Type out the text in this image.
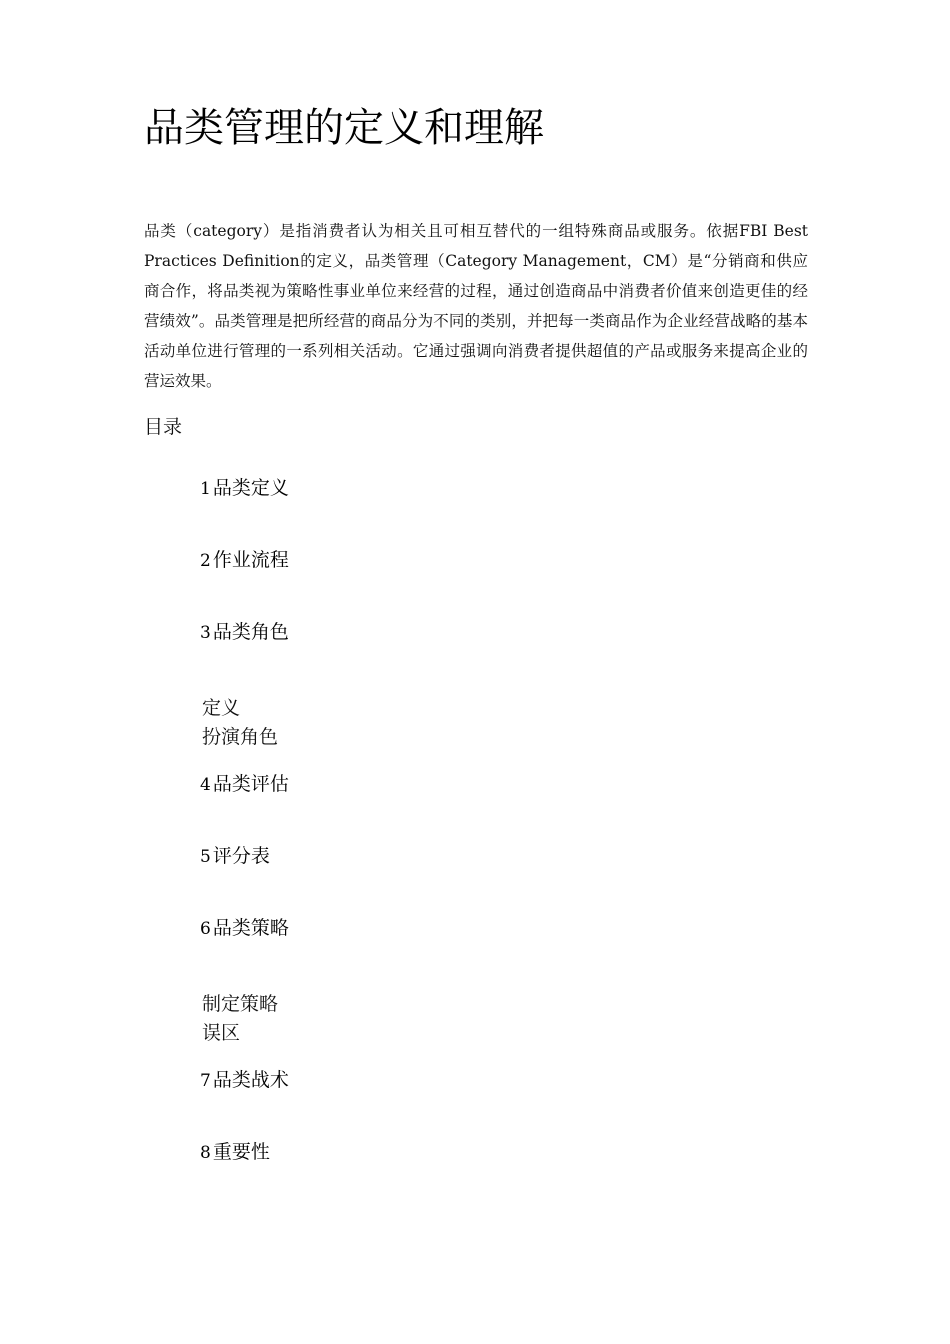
品类管理的定义和理解

品类（category）是指消费者认为相关且可相互替代的一组特殊商品或服务。依据FBI Best Practices Definition的定义，品类管理（Category Management，CM）是“分销商和供应商合作，将品类视为策略性事业单位来经营的过程，通过创造商品中消费者价值来创造更佳的经营绩效”。品类管理是把所经营的商品分为不同的类别，并把每一类商品作为企业经营战略的基本活动单位进行管理的一系列相关活动。它通过强调向消费者提供超值的产品或服务来提高企业的营运效果。

目录
1 品类定义
2 作业流程
3 品类角色
定义
扮演角色
4 品类评估
5 评分表
6 品类策略
制定策略
误区
7 品类战术
8 重要性
